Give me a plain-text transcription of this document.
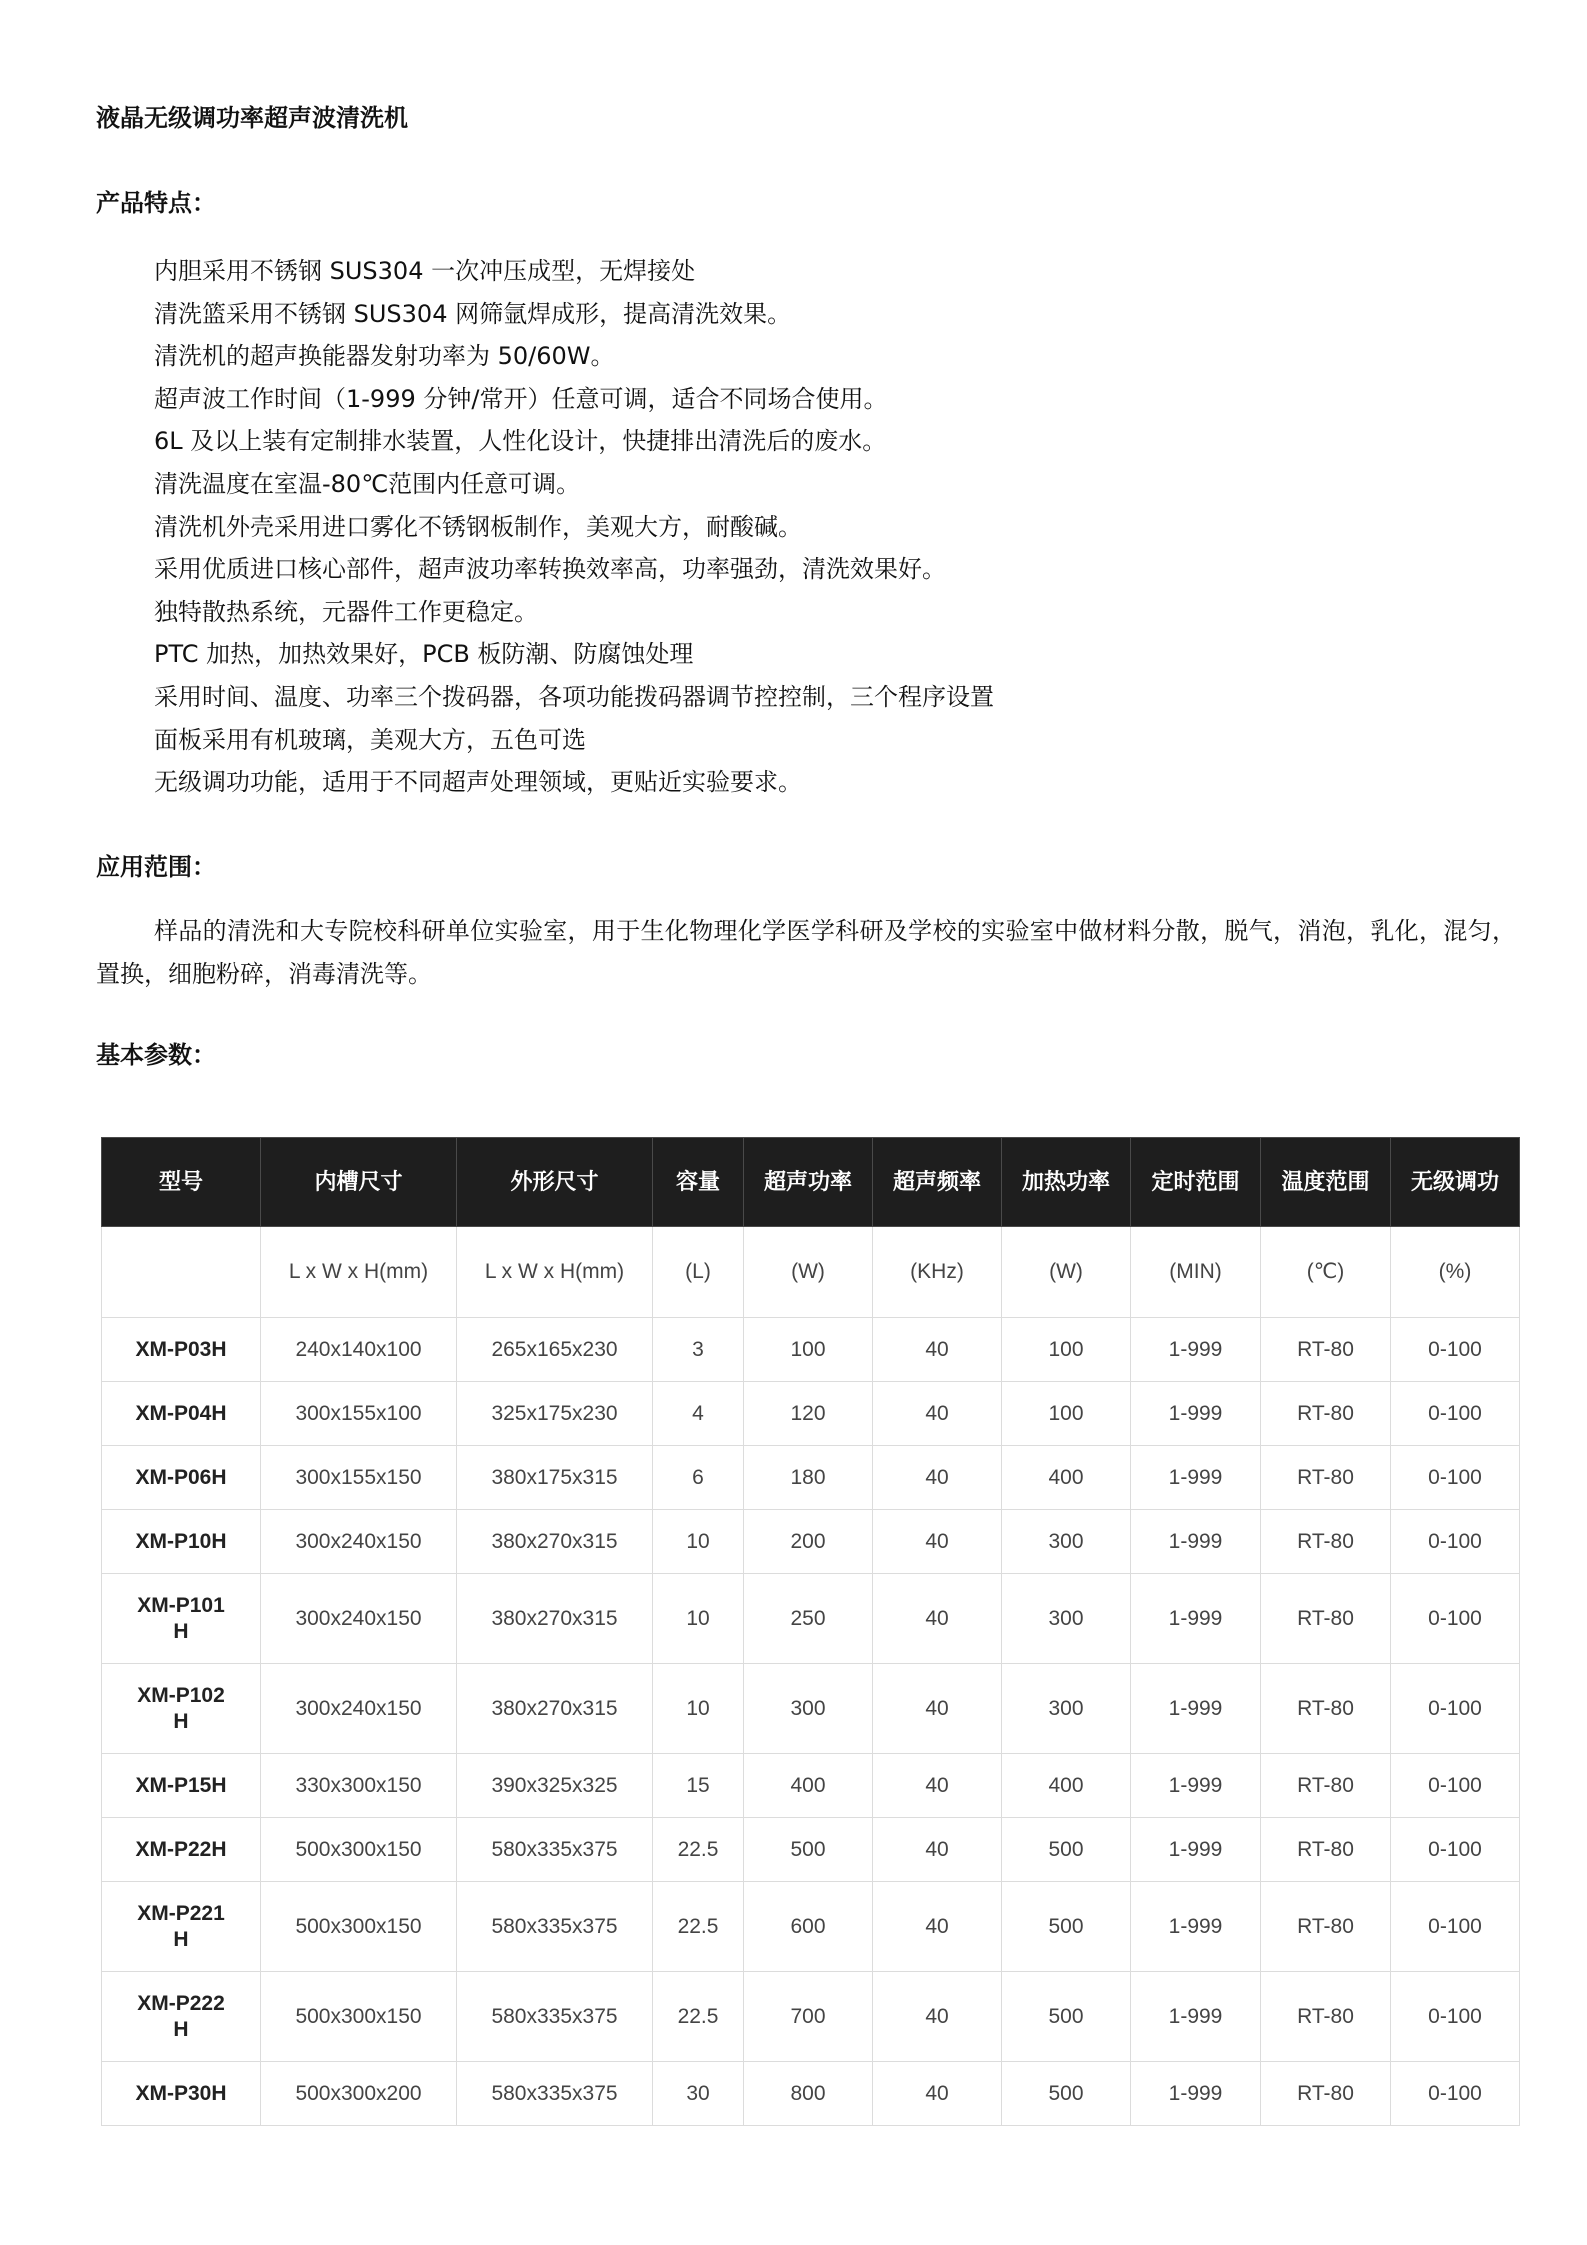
液晶无级调功率超声波清洗机
产品特点：
内胆采用不锈钢 SUS304 一次冲压成型，无焊接处
清洗篮采用不锈钢 SUS304 网筛氩焊成形，提高清洗效果。
清洗机的超声换能器发射功率为 50/60W。
超声波工作时间（1-999 分钟/常开）任意可调，适合不同场合使用。
6L 及以上装有定制排水装置，人性化设计，快捷排出清洗后的废水。
清洗温度在室温-80℃范围内任意可调。
清洗机外壳采用进口雾化不锈钢板制作，美观大方，耐酸碱。
采用优质进口核心部件，超声波功率转换效率高，功率强劲，清洗效果好。
独特散热系统，元器件工作更稳定。
PTC 加热，加热效果好，PCB 板防潮、防腐蚀处理
采用时间、温度、功率三个拨码器，各项功能拨码器调节控控制，三个程序设置
面板采用有机玻璃，美观大方，五色可选
无级调功功能，适用于不同超声处理领域，更贴近实验要求。
应用范围：

样品的清洗和大专院校科研单位实验室，用于生化物理化学医学科研及学校的实验室中做材料分散，脱气，消泡，乳化，混匀，置换，细胞粉碎，消毒清洗等。

基本参数：
型号	内槽尺寸	外形尺寸	容量	超声功率	超声频率	加热功率	定时范围	温度范围	无级调功

	L x W x H(mm)	L x W x H(mm)	(L)	(W)	(KHz)	(W)	(MIN)	(℃)	(%)

XM-P03H	240x140x100	265x165x230	3	100	40	100	1-999	RT-80	0-100

XM-P04H	300x155x100	325x175x230	4	120	40	100	1-999	RT-80	0-100

XM-P06H	300x155x150	380x175x315	6	180	40	400	1-999	RT-80	0-100

XM-P10H	300x240x150	380x270x315	10	200	40	300	1-999	RT-80	0-100

XM-​P101H	300x240x150	380x270x315	10	250	40	300	1-999	RT-80	0-100

XM-​P102H	300x240x150	380x270x315	10	300	40	300	1-999	RT-80	0-100

XM-P15H	330x300x150	390x325x325	15	400	40	400	1-999	RT-80	0-100

XM-P22H	500x300x150	580x335x375	22.5	500	40	500	1-999	RT-80	0-100

XM-​P221H	500x300x150	580x335x375	22.5	600	40	500	1-999	RT-80	0-100

XM-​P222H	500x300x150	580x335x375	22.5	700	40	500	1-999	RT-80	0-100

XM-P30H	500x300x200	580x335x375	30	800	40	500	1-999	RT-80	0-100
